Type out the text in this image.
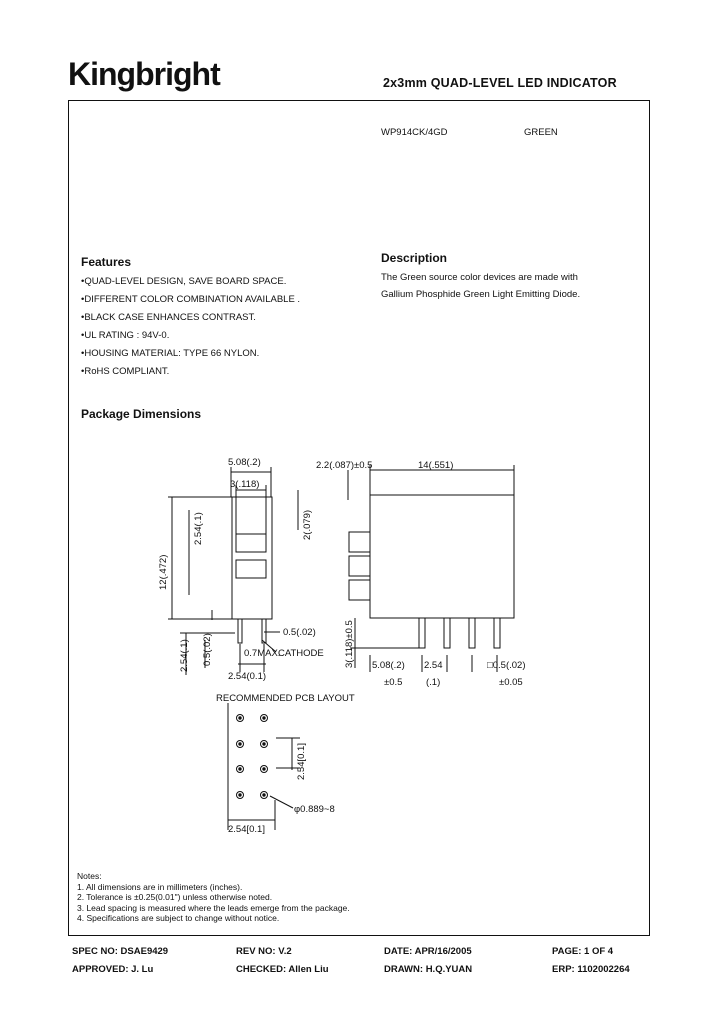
Kingbright	2x3mm QUAD-LEVEL LED INDICATOR
WP914CK/4GD	GREEN
Features
•QUAD-LEVEL DESIGN, SAVE BOARD SPACE.
•DIFFERENT COLOR COMBINATION AVAILABLE .
•BLACK CASE ENHANCES CONTRAST.
•UL RATING : 94V-0.
•HOUSING MATERIAL: TYPE 66 NYLON.
•RoHS COMPLIANT.
Description
The Green source color devices are made with
Gallium Phosphide Green Light Emitting Diode.
Package Dimensions
5.08(.2)
3(.118)
12(.472)
2.54(.1)	2(.079)
2.54(.1) 0.5(.02)	0.7MAX.
0.5(.02)
CATHODE
2.54(0.1)
2.2(.087)±0.5	14(.551)
3(.118)±0.5 5.08(.2)
±0.5
2.54
(.1)
□0.5(.02)
±0.05
RECOMMENDED PCB LAYOUT
2.54[0.1]
φ0.889~8
2.54[0.1]
Notes:
1. All dimensions are in millimeters (inches).
2. Tolerance is ±0.25(0.01") unless otherwise noted.
3. Lead spacing is measured where the leads emerge from the package.
4. Specifications are subject to change without notice.
SPEC NO: DSAE9429	REV NO: V.2	DATE: APR/16/2005	PAGE: 1 OF 4
APPROVED: J. Lu	CHECKED: Allen Liu	DRAWN: H.Q.YUAN	ERP: 1102002264
